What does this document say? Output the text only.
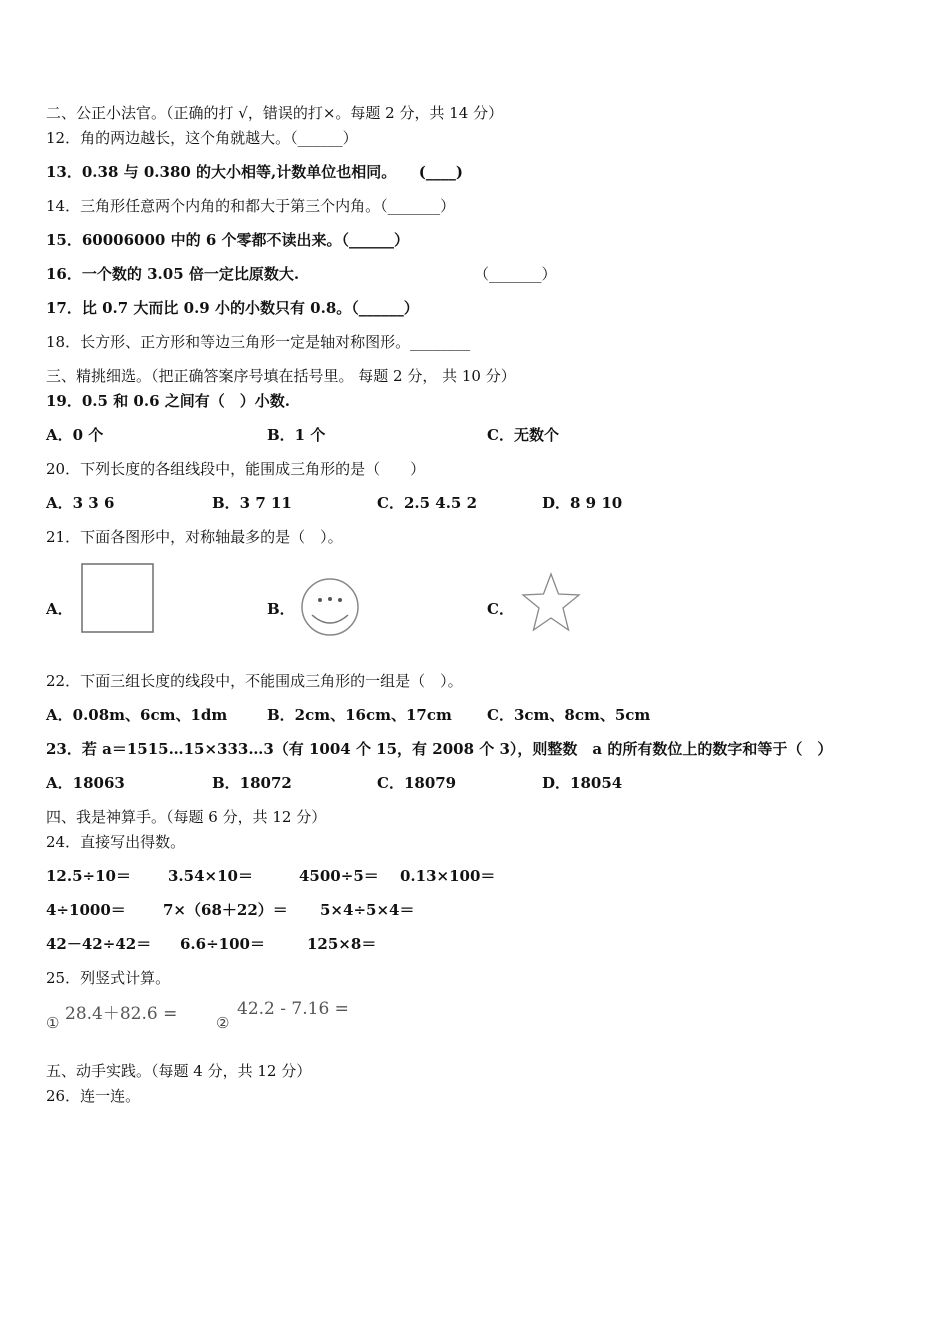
二、公正小法官。（正确的打 √，错误的打×。每题 2 分，共 14 分）
12．角的两边越长，这个角就越大。（______）
13．0.38 与 0.380 的大小相等,计数单位也相同。　　(____)
14．三角形任意两个内角的和都大于第三个内角。（_______）
15．60006000 中的 6 个零都不读出来。（______）
16．一个数的 3.05 倍一定比原数大.	（_______）
17．比 0.7 大而比 0.9 小的小数只有 0.8。（______）
18．长方形、正方形和等边三角形一定是轴对称图形。________
三、精挑细选。（把正确答案序号填在括号里。 每题 2 分， 共 10 分）
19．0.5 和 0.6 之间有（　）小数.
A．0 个	B．1 个	C．无数个
20．下列长度的各组线段中，能围成三角形的是（　　）
A．3 3 6	B．3 7 11	C．2.5 4.5 2	D．8 9 10
21．下面各图形中，对称轴最多的是（　）。
A．	B．	C．
22．下面三组长度的线段中，不能围成三角形的一组是（　）。
A．0.08m、6cm、1dm	B．2cm、16cm、17cm C．3cm、8cm、5cm
23．若 a＝1515…15×333…3（有 1004 个 15，有 2008 个 3），则整数　a 的所有数位上的数字和等于（　）
A．18063	B．18072	C．18079	D．18054
四、我是神算手。（每题 6 分，共 12 分）
24．直接写出得数。
12.5÷10＝ 3.54×10＝	4500÷5＝ 0.13×100＝
4÷1000＝ 7×（68＋22）＝ 5×4÷5×4＝
42－42÷42＝ 6.6÷100＝	125×8＝
25．列竖式计算。
① 28.4＋82.6 =	②
42.2 - 7.16 =
五、动手实践。（每题 4 分，共 12 分）
26．连一连。
